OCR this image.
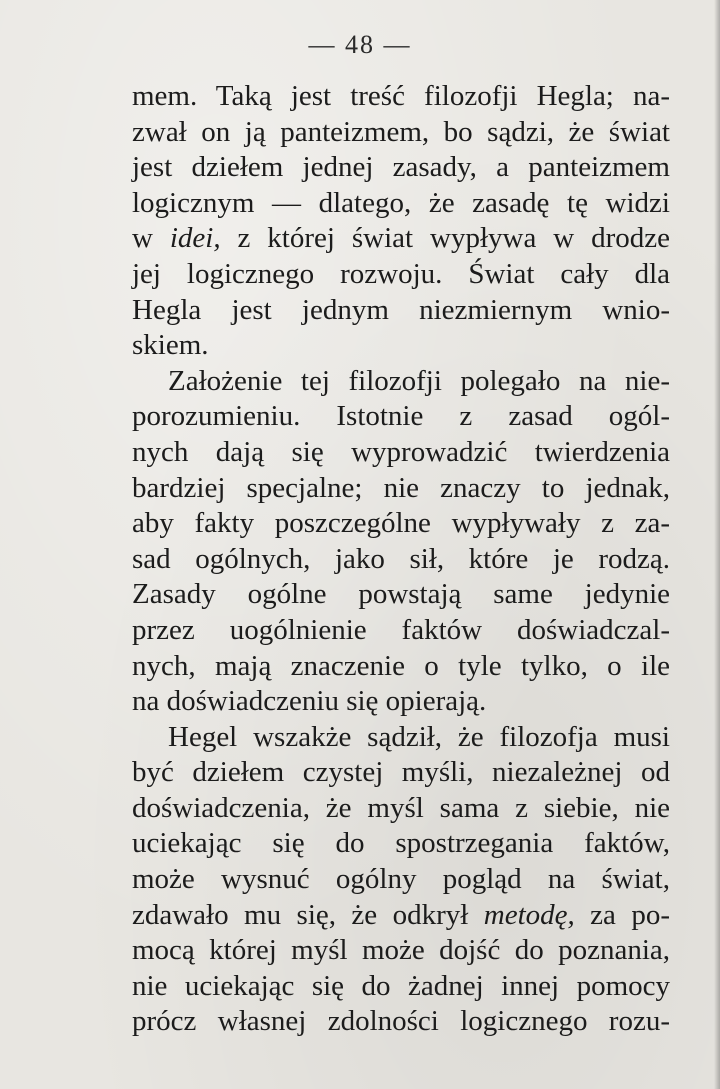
— 48 —
mem. Taką jest treść filozofji Hegla; na-
zwał on ją panteizmem, bo sądzi, że świat
jest dziełem jednej zasady, a panteizmem
logicznym — dlatego, że zasadę tę widzi
w idei, z której świat wypływa w drodze
jej logicznego rozwoju. Świat cały dla
Hegla jest jednym niezmiernym wnio-
skiem.
Założenie tej filozofji polegało na nie-
porozumieniu. Istotnie z zasad ogól-
nych dają się wyprowadzić twierdzenia
bardziej specjalne; nie znaczy to jednak,
aby fakty poszczególne wypływały z za-
sad ogólnych, jako sił, które je rodzą.
Zasady ogólne powstają same jedynie
przez uogólnienie faktów doświadczal-
nych, mają znaczenie o tyle tylko, o ile
na doświadczeniu się opierają.
Hegel wszakże sądził, że filozofja musi
być dziełem czystej myśli, niezależnej od
doświadczenia, że myśl sama z siebie, nie
uciekając się do spostrzegania faktów,
może wysnuć ogólny pogląd na świat,
zdawało mu się, że odkrył metodę, za po-
mocą której myśl może dojść do poznania,
nie uciekając się do żadnej innej pomocy
prócz własnej zdolności logicznego rozu-
